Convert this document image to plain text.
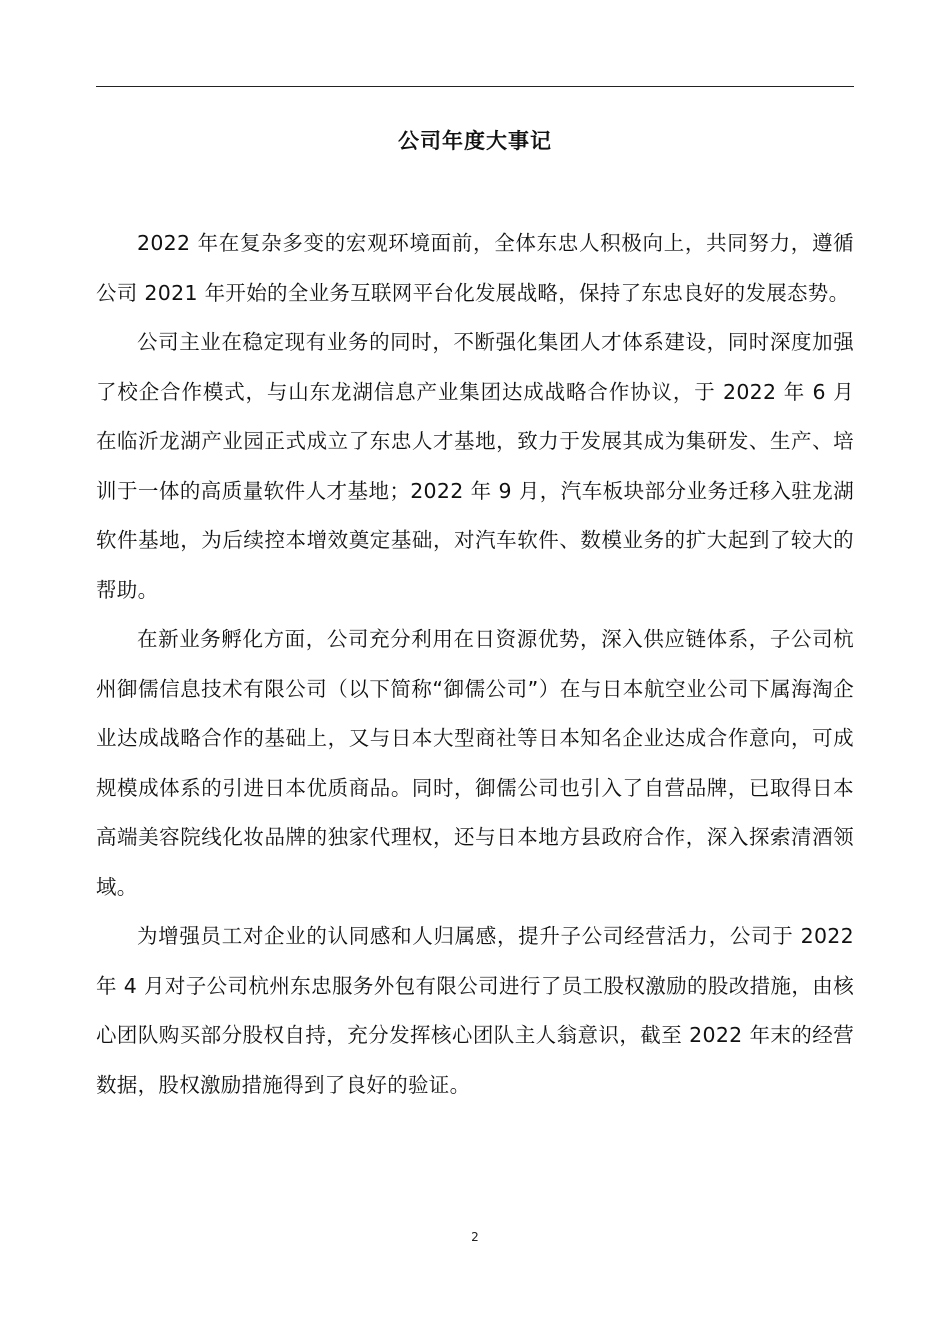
公司年度大事记

2022 年在复杂多变的宏观环境面前，全体东忠人积极向上，共同努力，遵循公司 2021 年开始的全业务互联网平台化发展战略，保持了东忠良好的发展态势。

公司主业在稳定现有业务的同时，不断强化集团人才体系建设，同时深度加强了校企合作模式，与山东龙湖信息产业集团达成战略合作协议，于 2022 年 6 月在临沂龙湖产业园正式成立了东忠人才基地，致力于发展其成为集研发、生产、培训于一体的高质量软件人才基地；2022 年 9 月，汽车板块部分业务迁移入驻龙湖软件基地，为后续控本增效奠定基础，对汽车软件、数模业务的扩大起到了较大的帮助。

在新业务孵化方面，公司充分利用在日资源优势，深入供应链体系，子公司杭州御儒信息技术有限公司（以下简称“御儒公司”）在与日本航空业公司下属海淘企业达成战略合作的基础上，又与日本大型商社等日本知名企业达成合作意向，可成规模成体系的引进日本优质商品。同时，御儒公司也引入了自营品牌，已取得日本高端美容院线化妆品牌的独家代理权，还与日本地方县政府合作，深入探索清酒领域。

为增强员工对企业的认同感和人归属感，提升子公司经营活力，公司于 2022 年 4 月对子公司杭州东忠服务外包有限公司进行了员工股权激励的股改措施，由核心团队购买部分股权自持，充分发挥核心团队主人翁意识，截至 2022 年末的经营数据，股权激励措施得到了良好的验证。

2
